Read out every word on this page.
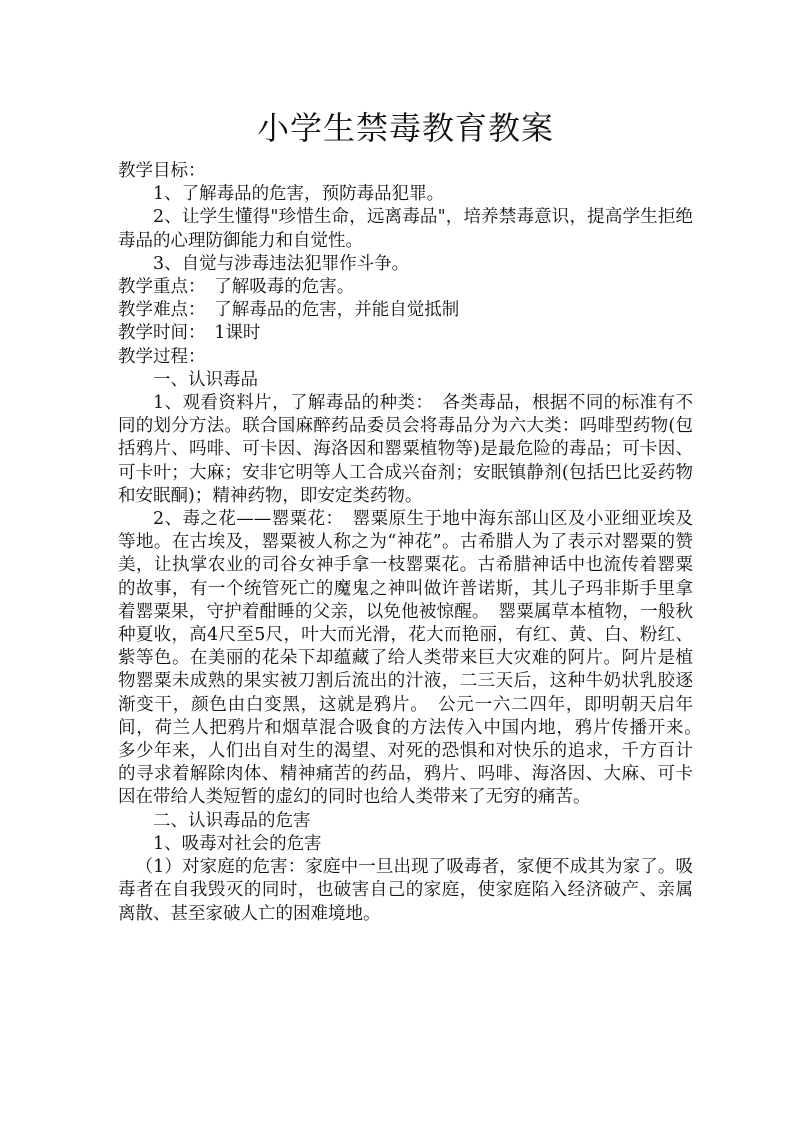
小学生禁毒教育教案

教学目标：

1、了解毒品的危害，预防毒品犯罪。

2、让学生懂得"珍惜生命，远离毒品"，培养禁毒意识，提高学生拒绝毒品的心理防御能力和自觉性。

3、自觉与涉毒违法犯罪作斗争。

教学重点：　了解吸毒的危害。

教学难点：　了解毒品的危害，并能自觉抵制

教学时间：　1课时

教学过程：

一、认识毒品

1、观看资料片，了解毒品的种类：　各类毒品，根据不同的标准有不同的划分方法。联合国麻醉药品委员会将毒品分为六大类：吗啡型药物(包括鸦片、吗啡、可卡因、海洛因和罂粟植物等)是最危险的毒品；可卡因、可卡叶；大麻；安非它明等人工合成兴奋剂；安眠镇静剂(包括巴比妥药物和安眠酮)；精神药物，即安定类药物。

2、毒之花——罂粟花：　罂粟原生于地中海东部山区及小亚细亚埃及等地。在古埃及，罂粟被人称之为“神花”。古希腊人为了表示对罂粟的赞美，让执掌农业的司谷女神手拿一枝罂粟花。古希腊神话中也流传着罂粟的故事，有一个统管死亡的魔鬼之神叫做许普诺斯，其儿子玛非斯手里拿着罂粟果，守护着酣睡的父亲，以免他被惊醒。　罂粟属草本植物，一般秋种夏收，高4尺至5尺，叶大而光滑，花大而艳丽，有红、黄、白、粉红、紫等色。在美丽的花朵下却蕴藏了给人类带来巨大灾难的阿片。阿片是植物罂粟未成熟的果实被刀割后流出的汁液，二三天后，这种牛奶状乳胶逐渐变干，颜色由白变黑，这就是鸦片。　公元一六二四年，即明朝天启年间，荷兰人把鸦片和烟草混合吸食的方法传入中国内地，鸦片传播开来。　多少年来，人们出自对生的渴望、对死的恐惧和对快乐的追求，千方百计的寻求着解除肉体、精神痛苦的药品，鸦片、吗啡、海洛因、大麻、可卡因在带给人类短暂的虚幻的同时也给人类带来了无穷的痛苦。

二、认识毒品的危害

1、吸毒对社会的危害

（1）对家庭的危害：家庭中一旦出现了吸毒者，家便不成其为家了。吸毒者在自我毁灭的同时，也破害自己的家庭，使家庭陷入经济破产、亲属离散、甚至家破人亡的困难境地。
